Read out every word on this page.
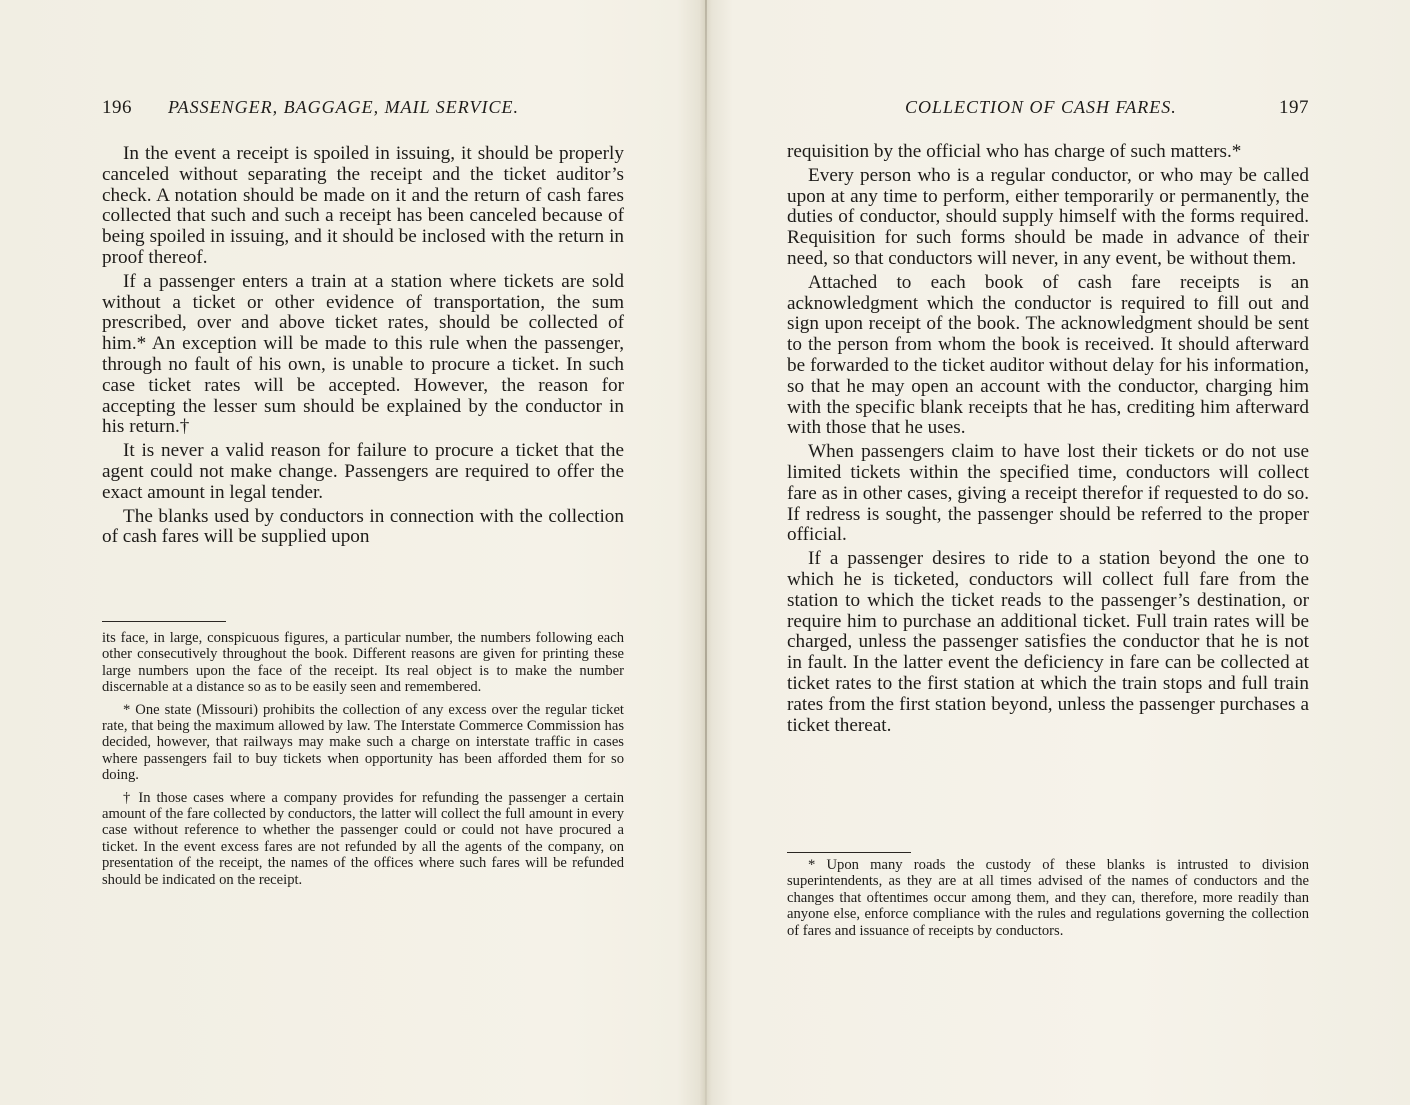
196 PASSENGER, BAGGAGE, MAIL SERVICE.

In the event a receipt is spoiled in issuing, it should be properly canceled without separating the receipt and the ticket auditor’s check. A notation should be made on it and the return of cash fares collected that such and such a receipt has been canceled because of being spoiled in issuing, and it should be inclosed with the return in proof thereof.

If a passenger enters a train at a station where tickets are sold without a ticket or other evidence of transportation, the sum prescribed, over and above ticket rates, should be collected of him.* An exception will be made to this rule when the passenger, through no fault of his own, is unable to procure a ticket. In such case ticket rates will be accepted. However, the reason for accepting the lesser sum should be explained by the conductor in his return.†

It is never a valid reason for failure to procure a ticket that the agent could not make change. Passengers are required to offer the exact amount in legal tender.

The blanks used by conductors in connection with the collection of cash fares will be supplied upon

its face, in large, conspicuous figures, a particular number, the numbers following each other consecutively throughout the book. Different reasons are given for printing these large numbers upon the face of the receipt. Its real object is to make the number discernable at a distance so as to be easily seen and remembered.

* One state (Missouri) prohibits the collection of any excess over the regular ticket rate, that being the maximum allowed by law. The Interstate Commerce Commission has decided, however, that railways may make such a charge on interstate traffic in cases where passengers fail to buy tickets when opportunity has been afforded them for so doing.

† In those cases where a company provides for refunding the passenger a certain amount of the fare collected by conductors, the latter will collect the full amount in every case without reference to whether the passenger could or could not have procured a ticket. In the event excess fares are not refunded by all the agents of the company, on presentation of the receipt, the names of the offices where such fares will be refunded should be indicated on the receipt.

COLLECTION OF CASH FARES.	197

requisition by the official who has charge of such matters.*

Every person who is a regular conductor, or who may be called upon at any time to perform, either temporarily or permanently, the duties of conductor, should supply himself with the forms required. Requisition for such forms should be made in advance of their need, so that conductors will never, in any event, be without them.

Attached to each book of cash fare receipts is an acknowledgment which the conductor is required to fill out and sign upon receipt of the book. The acknowledgment should be sent to the person from whom the book is received. It should afterward be forwarded to the ticket auditor without delay for his information, so that he may open an account with the conductor, charging him with the specific blank receipts that he has, crediting him afterward with those that he uses.

When passengers claim to have lost their tickets or do not use limited tickets within the specified time, conductors will collect fare as in other cases, giving a receipt therefor if requested to do so. If redress is sought, the passenger should be referred to the proper official.

If a passenger desires to ride to a station beyond the one to which he is ticketed, conductors will collect full fare from the station to which the ticket reads to the passenger’s destination, or require him to purchase an additional ticket. Full train rates will be charged, unless the passenger satisfies the conductor that he is not in fault. In the latter event the deficiency in fare can be collected at ticket rates to the first station at which the train stops and full train rates from the first station beyond, unless the passenger purchases a ticket thereat.

* Upon many roads the custody of these blanks is intrusted to division superintendents, as they are at all times advised of the names of conductors and the changes that oftentimes occur among them, and they can, therefore, more readily than anyone else, enforce compliance with the rules and regulations governing the collection of fares and issuance of receipts by conductors.
